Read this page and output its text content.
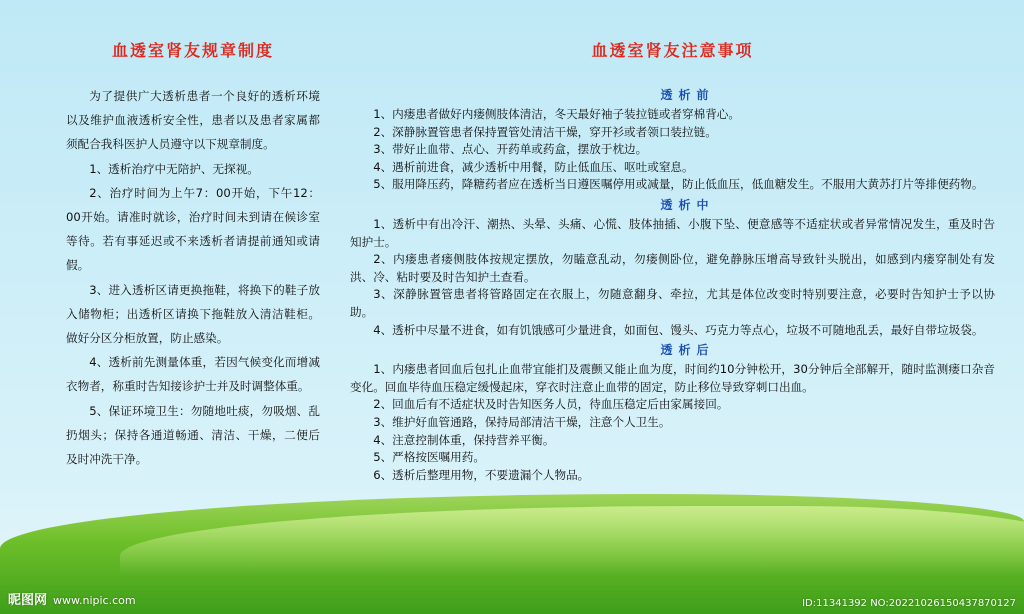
血透室肾友规章制度

为了提供广大透析患者一个良好的透析环境以及维护血液透析安全性，患者以及患者家属都须配合我科医护人员遵守以下规章制度。

1、透析治疗中无陪护、无探视。

2、治疗时间为上午7：00开始，下午12：00开始。请准时就诊，治疗时间未到请在候诊室等待。若有事延迟或不来透析者请提前通知或请假。

3、进入透析区请更换拖鞋，将换下的鞋子放入储物柜；出透析区请换下拖鞋放入清洁鞋柜。做好分区分柜放置，防止感染。

4、透析前先测量体重，若因气候变化而增减衣物者，称重时告知接诊护士并及时调整体重。

5、保证环境卫生：勿随地吐痰，勿吸烟、乱扔烟头；保持各通道畅通、清洁、干燥，二便后及时冲洗干净。

血透室肾友注意事项
透析前

1、内瘘患者做好内瘘侧肢体清洁，冬天最好袖子装拉链或者穿棉背心。

2、深静脉置管患者保持置管处清洁干燥，穿开衫或者领口装拉链。

3、带好止血带、点心、开药单或药盒，摆放于枕边。

4、遇析前进食，减少透析中用餐，防止低血压、呕吐或窒息。

5、服用降压药，降糖药者应在透析当日遵医嘱停用或减量，防止低血压，低血糖发生。不服用大黄苏打片等排便药物。

透析中

1、透析中有出冷汗、潮热、头晕、头痛、心慌、肢体抽插、小腹下坠、便意感等不适症状或者异常情况发生，重及时告知护士。

2、内瘘患者瘘侧肢体按规定摆放，勿瞌意乱动，勿瘘侧卧位，避免静脉压增高导致针头脱出，如感到内瘘穿制处有发洪、冷、粘时要及时告知护土查看。

3、深静脉置管患者将管路固定在衣服上，勿随意翻身、牵拉，尤其是体位改变时特别要注意，必要时告知护士予以协助。

4、透析中尽量不进食，如有饥饿感可少量进食，如面包、馒头、巧克力等点心，垃圾不可随地乱丢，最好自带垃圾袋。

透析后

1、内瘘患者回血后包扎止血带宜能扪及震颤又能止血为度，时间约10分钟松开，30分钟后全部解开，随时监测瘘口杂音变化。回血毕待血压稳定缓慢起床，穿衣时注意止血带的固定，防止移位导致穿刺口出血。

2、回血后有不适症状及时告知医务人员，待血压稳定后由家属接回。

3、维护好血管通路，保持局部清洁干燥，注意个人卫生。

4、注意控制体重，保持营养平衡。

5、严格按医嘱用药。

6、透析后整理用物，不要遗漏个人物品。

昵图网 www.nipic.com	ID:11341392 NO:20221026150437870127
